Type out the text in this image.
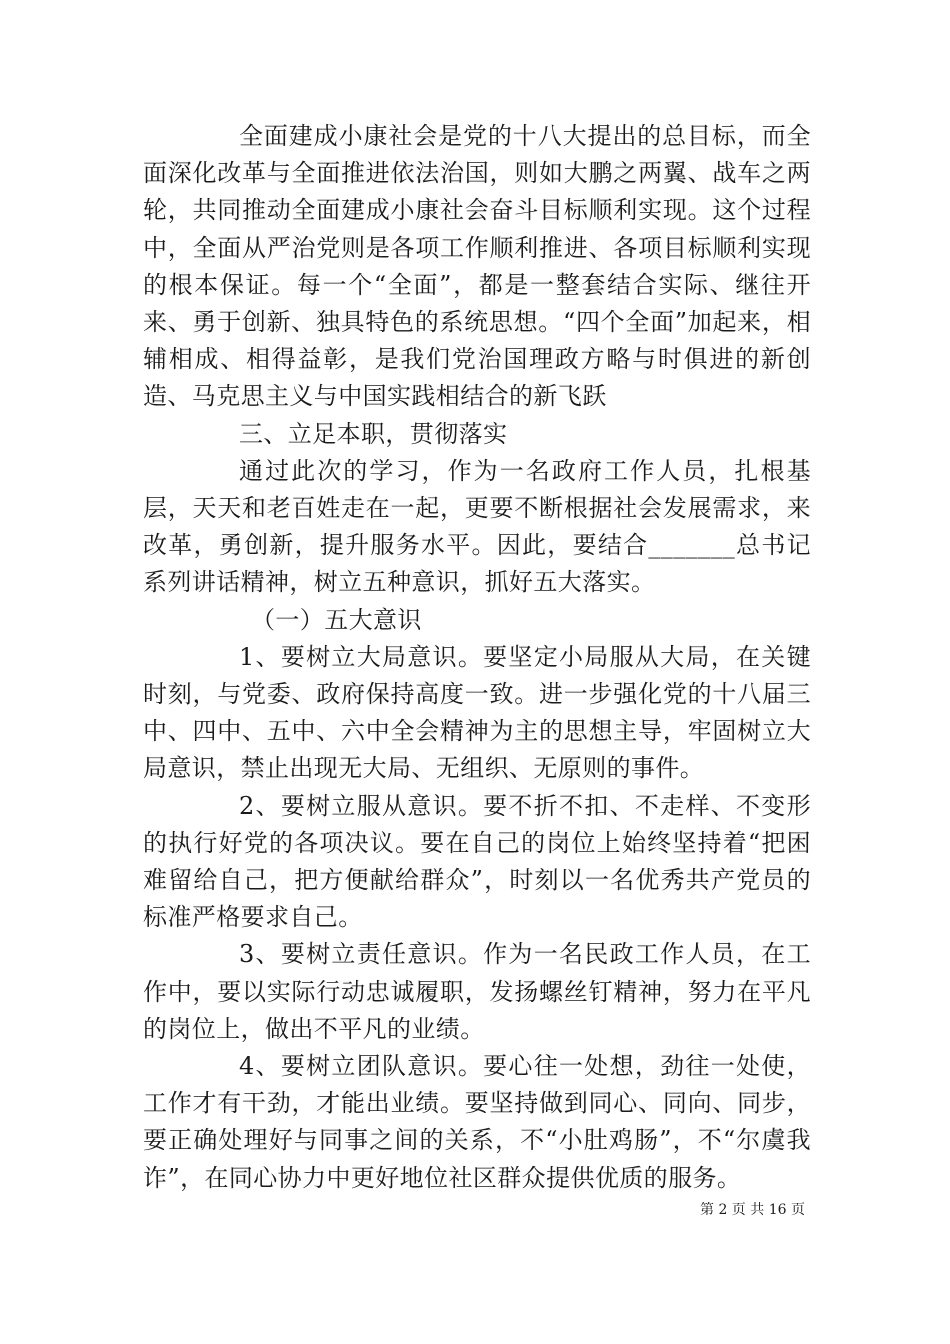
全面建成小康社会是党的十八大提出的总目标，而全面深化改革与全面推进依法治国，则如大鹏之两翼、战车之两轮，共同推动全面建成小康社会奋斗目标顺利实现。这个过程中，全面从严治党则是各项工作顺利推进、各项目标顺利实现的根本保证。每一个“全面”，都是一整套结合实际、继往开来、勇于创新、独具特色的系统思想。“四个全面”加起来，相辅相成、相得益彰，是我们党治国理政方略与时俱进的新创造、马克思主义与中国实践相结合的新飞跃

三、立足本职，贯彻落实

通过此次的学习，作为一名政府工作人员，扎根基层，天天和老百姓走在一起，更要不断根据社会发展需求，来改革，勇创新，提升服务水平。因此，要结合_______总书记系列讲话精神，树立五种意识，抓好五大落实。

（一）五大意识

1、要树立大局意识。要坚定小局服从大局，在关键时刻，与党委、政府保持高度一致。进一步强化党的十八届三中、四中、五中、六中全会精神为主的思想主导，牢固树立大局意识，禁止出现无大局、无组织、无原则的事件。

2、要树立服从意识。要不折不扣、不走样、不变形的执行好党的各项决议。要在自己的岗位上始终坚持着“把困难留给自己，把方便献给群众”，时刻以一名优秀共产党员的标准严格要求自己。

3、要树立责任意识。作为一名民政工作人员，在工作中，要以实际行动忠诚履职，发扬螺丝钉精神，努力在平凡的岗位上，做出不平凡的业绩。

4、要树立团队意识。要心往一处想，劲往一处使，工作才有干劲，才能出业绩。要坚持做到同心、同向、同步，要正确处理好与同事之间的关系，不“小肚鸡肠”，不“尔虞我诈”，在同心协力中更好地位社区群众提供优质的服务。

第 2 页 共 16 页
